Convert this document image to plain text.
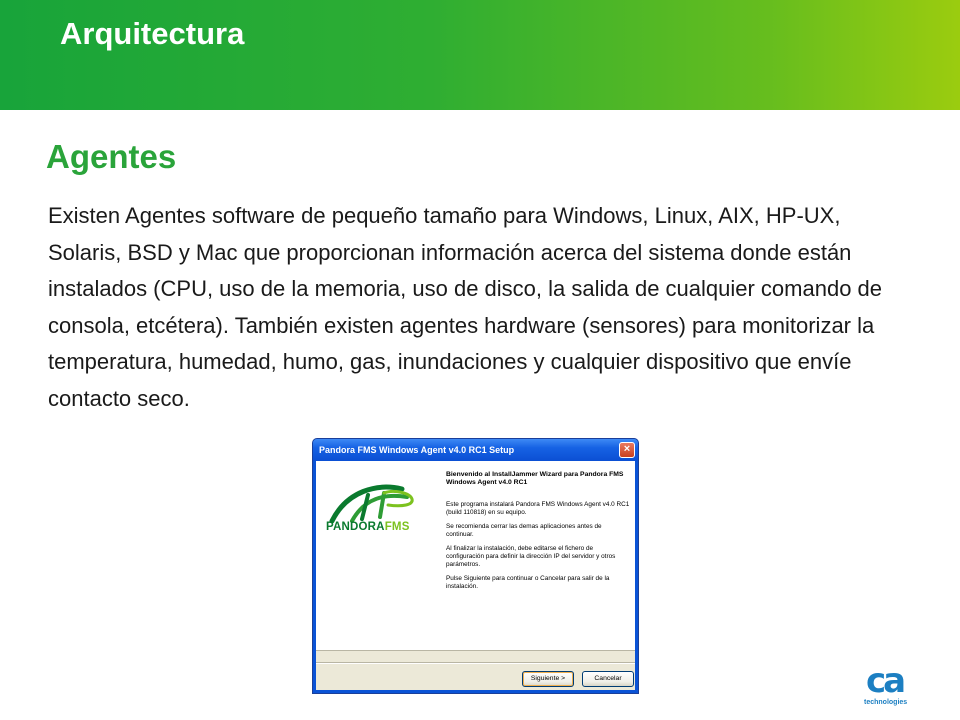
Arquitectura
Agentes
Existen Agentes software de pequeño tamaño para Windows, Linux, AIX, HP-UX, Solaris, BSD y Mac que proporcionan información acerca del sistema donde están instalados (CPU, uso de la memoria, uso de disco, la salida de cualquier comando de consola, etcétera). También existen agentes hardware (sensores) para monitorizar la temperatura, humedad, humo, gas, inundaciones y cualquier dispositivo que envíe contacto seco.
Pandora FMS Windows Agent v4.0 RC1 Setup	×
PANDORAFMS
Bienvenido al InstallJammer Wizard para Pandora FMS Windows Agent v4.0 RC1
Este programa instalará Pandora FMS Windows Agent v4.0 RC1 (build 110818) en su equipo.
Se recomienda cerrar las demas aplicaciones antes de continuar.
Al finalizar la instalación, debe editarse el fichero de configuración para definir la dirección IP del servidor y otros parámetros.
Pulse Siguiente para continuar o Cancelar para salir de la instalación.
Siguiente >	Cancelar	ca
technologies
